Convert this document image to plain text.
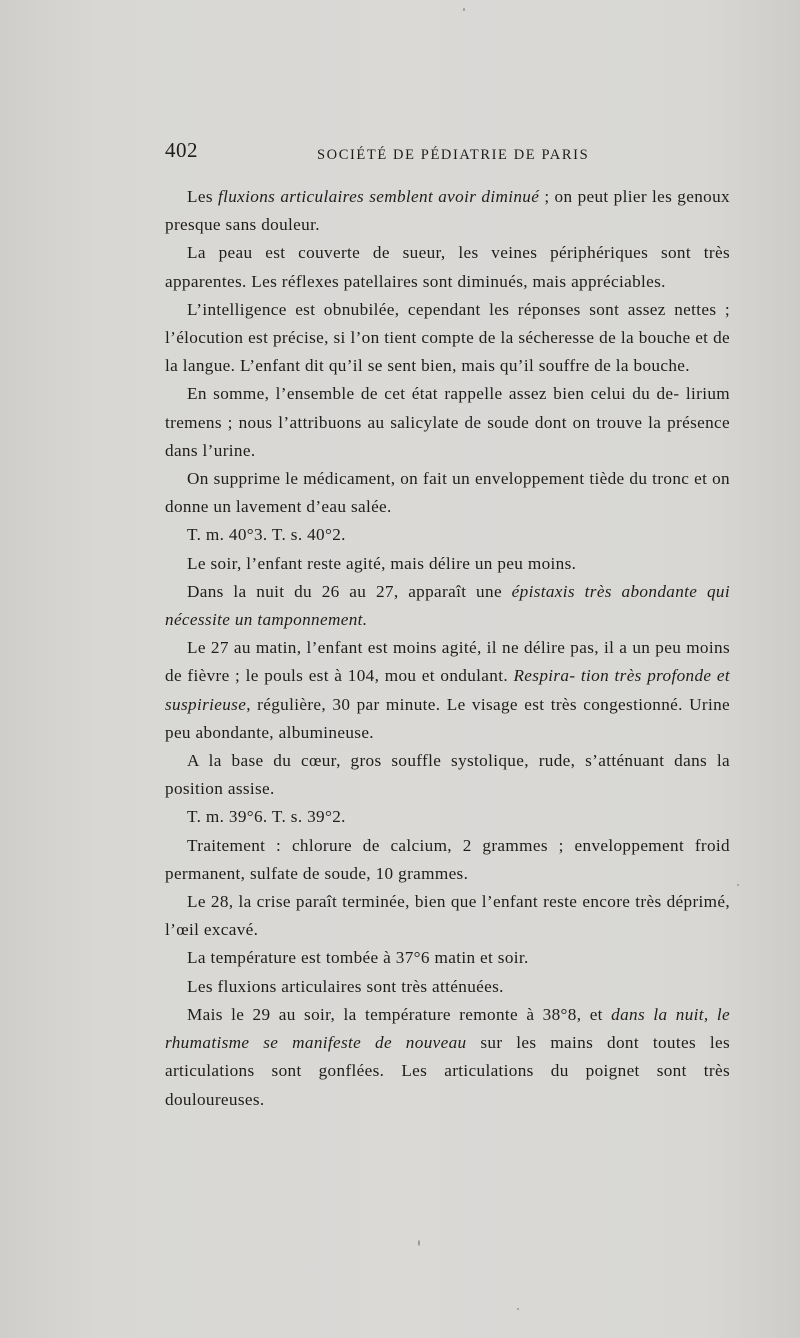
402	SOCIÉTÉ DE PÉDIATRIE DE PARIS

Les fluxions articulaires semblent avoir diminué ; on peut plier les genoux presque sans douleur.

La peau est couverte de sueur, les veines périphériques sont très apparentes. Les réflexes patellaires sont diminués, mais appréciables.

L’intelligence est obnubilée, cependant les réponses sont assez nettes ; l’élocution est précise, si l’on tient compte de la sécheresse de la bouche et de la langue. L’enfant dit qu’il se sent bien, mais qu’il souffre de la bouche.

En somme, l’ensemble de cet état rappelle assez bien celui du de- lirium tremens ; nous l’attribuons au salicylate de soude dont on trouve la présence dans l’urine.

On supprime le médicament, on fait un enveloppement tiède du tronc et on donne un lavement d’eau salée.

T. m. 40°3. T. s. 40°2.

Le soir, l’enfant reste agité, mais délire un peu moins.

Dans la nuit du 26 au 27, apparaît une épistaxis très abondante qui nécessite un tamponnement.

Le 27 au matin, l’enfant est moins agité, il ne délire pas, il a un peu moins de fièvre ; le pouls est à 104, mou et ondulant. Respira- tion très profonde et suspirieuse, régulière, 30 par minute. Le visage est très congestionné. Urine peu abondante, albumineuse.

A la base du cœur, gros souffle systolique, rude, s’atténuant dans la position assise.

T. m. 39°6. T. s. 39°2.

Traitement : chlorure de calcium, 2 grammes ; enveloppement froid permanent, sulfate de soude, 10 grammes.

Le 28, la crise paraît terminée, bien que l’enfant reste encore très déprimé, l’œil excavé.

La température est tombée à 37°6 matin et soir.

Les fluxions articulaires sont très atténuées.

Mais le 29 au soir, la température remonte à 38°8, et dans la nuit, le rhumatisme se manifeste de nouveau sur les mains dont toutes les articulations sont gonflées. Les articulations du poignet sont très douloureuses.
